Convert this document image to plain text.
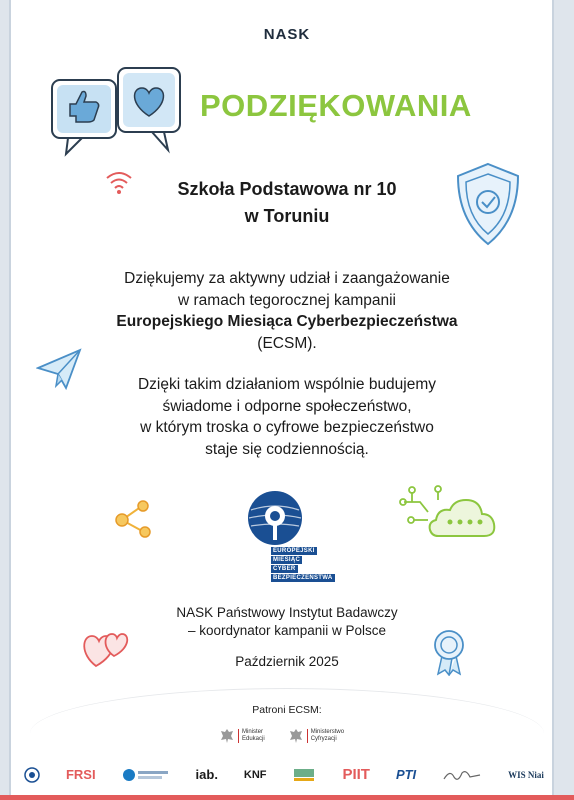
NASK
PODZIĘKOWANIA
Szkoła Podstawowa nr 10
w Toruniu
Dziękujemy za aktywny udział i zaangażowanie
w ramach tegorocznej kampanii
Europejskiego Miesiąca Cyberbezpieczeństwa
(ECSM).
Dzięki takim działaniom wspólnie budujemy
świadome i odporne społeczeństwo,
w którym troska o cyfrowe bezpieczeństwo
staje się codziennością.
EUROPEJSKI
MIESIĄC
CYBER
BEZPIECZEŃSTWA
NASK Państwowy Instytut Badawczy
– koordynator kampanii w Polsce
Październik 2025
Patroni ECSM:
Minister
Edukacji
Ministerstwo
Cyfryzacji
FRSI	iab. KNF	PIIT PTI	WIS Niai
